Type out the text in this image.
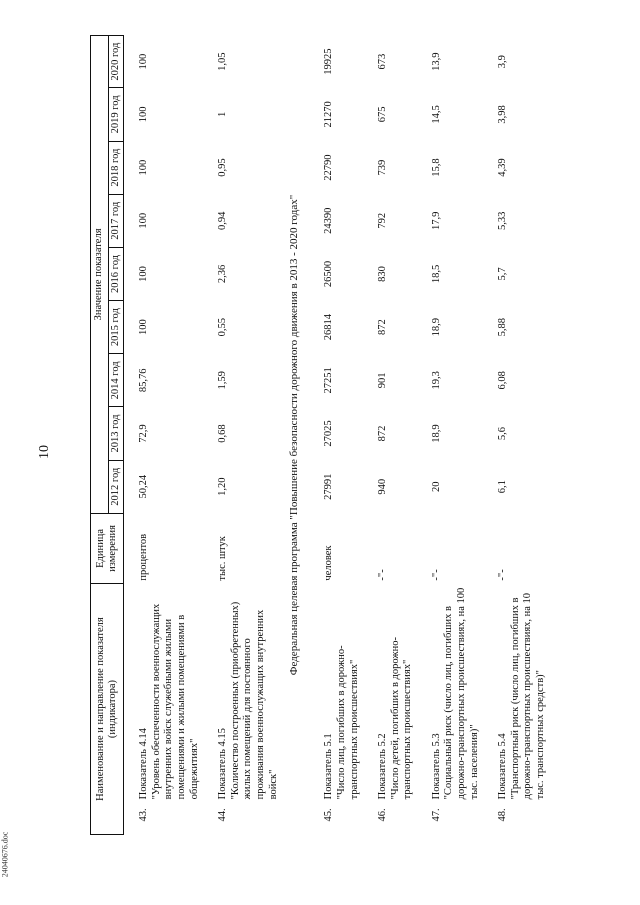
10
24040676.doc
Наименование и направление показателя (индикатора)		Единица измерения	Значение показателя								
			2012 год	2013 год	2014 год	2015 год	2016 год	2017 год	2018 год	2019 год	2020 год
43.	Показатель 4.14 "Уровень обеспеченности военнослужащих внутренних войск служебными жилыми помещениями и жилыми помещениями в общежитиях"	процентов	50,24	72,9	85,76	100	100	100	100	100	100
44.	Показатель 4.15 "Количество построенных (приобретенных) жилых помещений для постоянного проживания военнослужащих внутренних войск"	тыс. штук	1,20	0,68	1,59	0,55	2,36	0,94	0,95	1	1,05
Федеральная целевая программа "Повышение безопасности дорожного движения в 2013 - 2020 годах"											
45.	Показатель 5.1 "Число лиц, погибших в дорожно-транспортных происшествиях"	человек	27991	27025	27251	26814	26500	24390	22790	21270	19925
46.	Показатель 5.2 "Число детей, погибших в дорожно-транспортных происшествиях"	-"-	940	872	901	872	830	792	739	675	673
47.	Показатель 5.3 "Социальный риск (число лиц, погибших в дорожно-транспортных происшествиях, на 100 тыс. населения)"	-"-	20	18,9	19,3	18,9	18,5	17,9	15,8	14,5	13,9
48.	Показатель 5.4 "Транспортный риск (число лиц, погибших в дорожно-транспортных происшествиях, на 10 тыс. транспортных средств)"	-"-	6,1	5,6	6,08	5,88	5,7	5,33	4,39	3,98	3,9
